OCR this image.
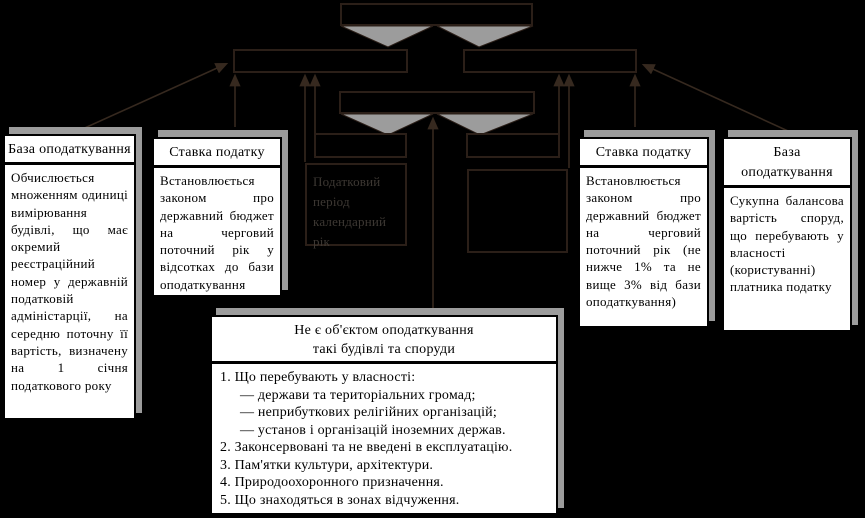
Податковий період календарний рік
База оподаткування
Обчислюється множенням одиниці вимірювання будівлі, що має окремий реєстраційний номер у державній податковій адміністарції, на середню поточну її вартість, визначену на 1 січня податкового року
Ставка податку
Встановлюється законом про державний бюджет на черговий поточний рік у відсотках до бази оподаткування
Ставка податку
Встановлюється законом про державний бюджет на черговий поточний рік (не нижче 1% та не вище 3% від бази оподаткування)
База оподаткування
Сукупна балансова вартість споруд, що перебувають у власності (користуванні) платника податку
Не є об'єктом оподаткування
такі будівлі та споруди
1. Що перебувають у власності:
— держави та територіальних громад;
— неприбуткових релігійних організацій;
— установ і організацій іноземних держав.
2. Законсервовані та не введені в експлуатацію.
3. Пам'ятки культури, архітектури.
4. Природоохоронного призначення.
5. Що знаходяться в зонах відчуження.
